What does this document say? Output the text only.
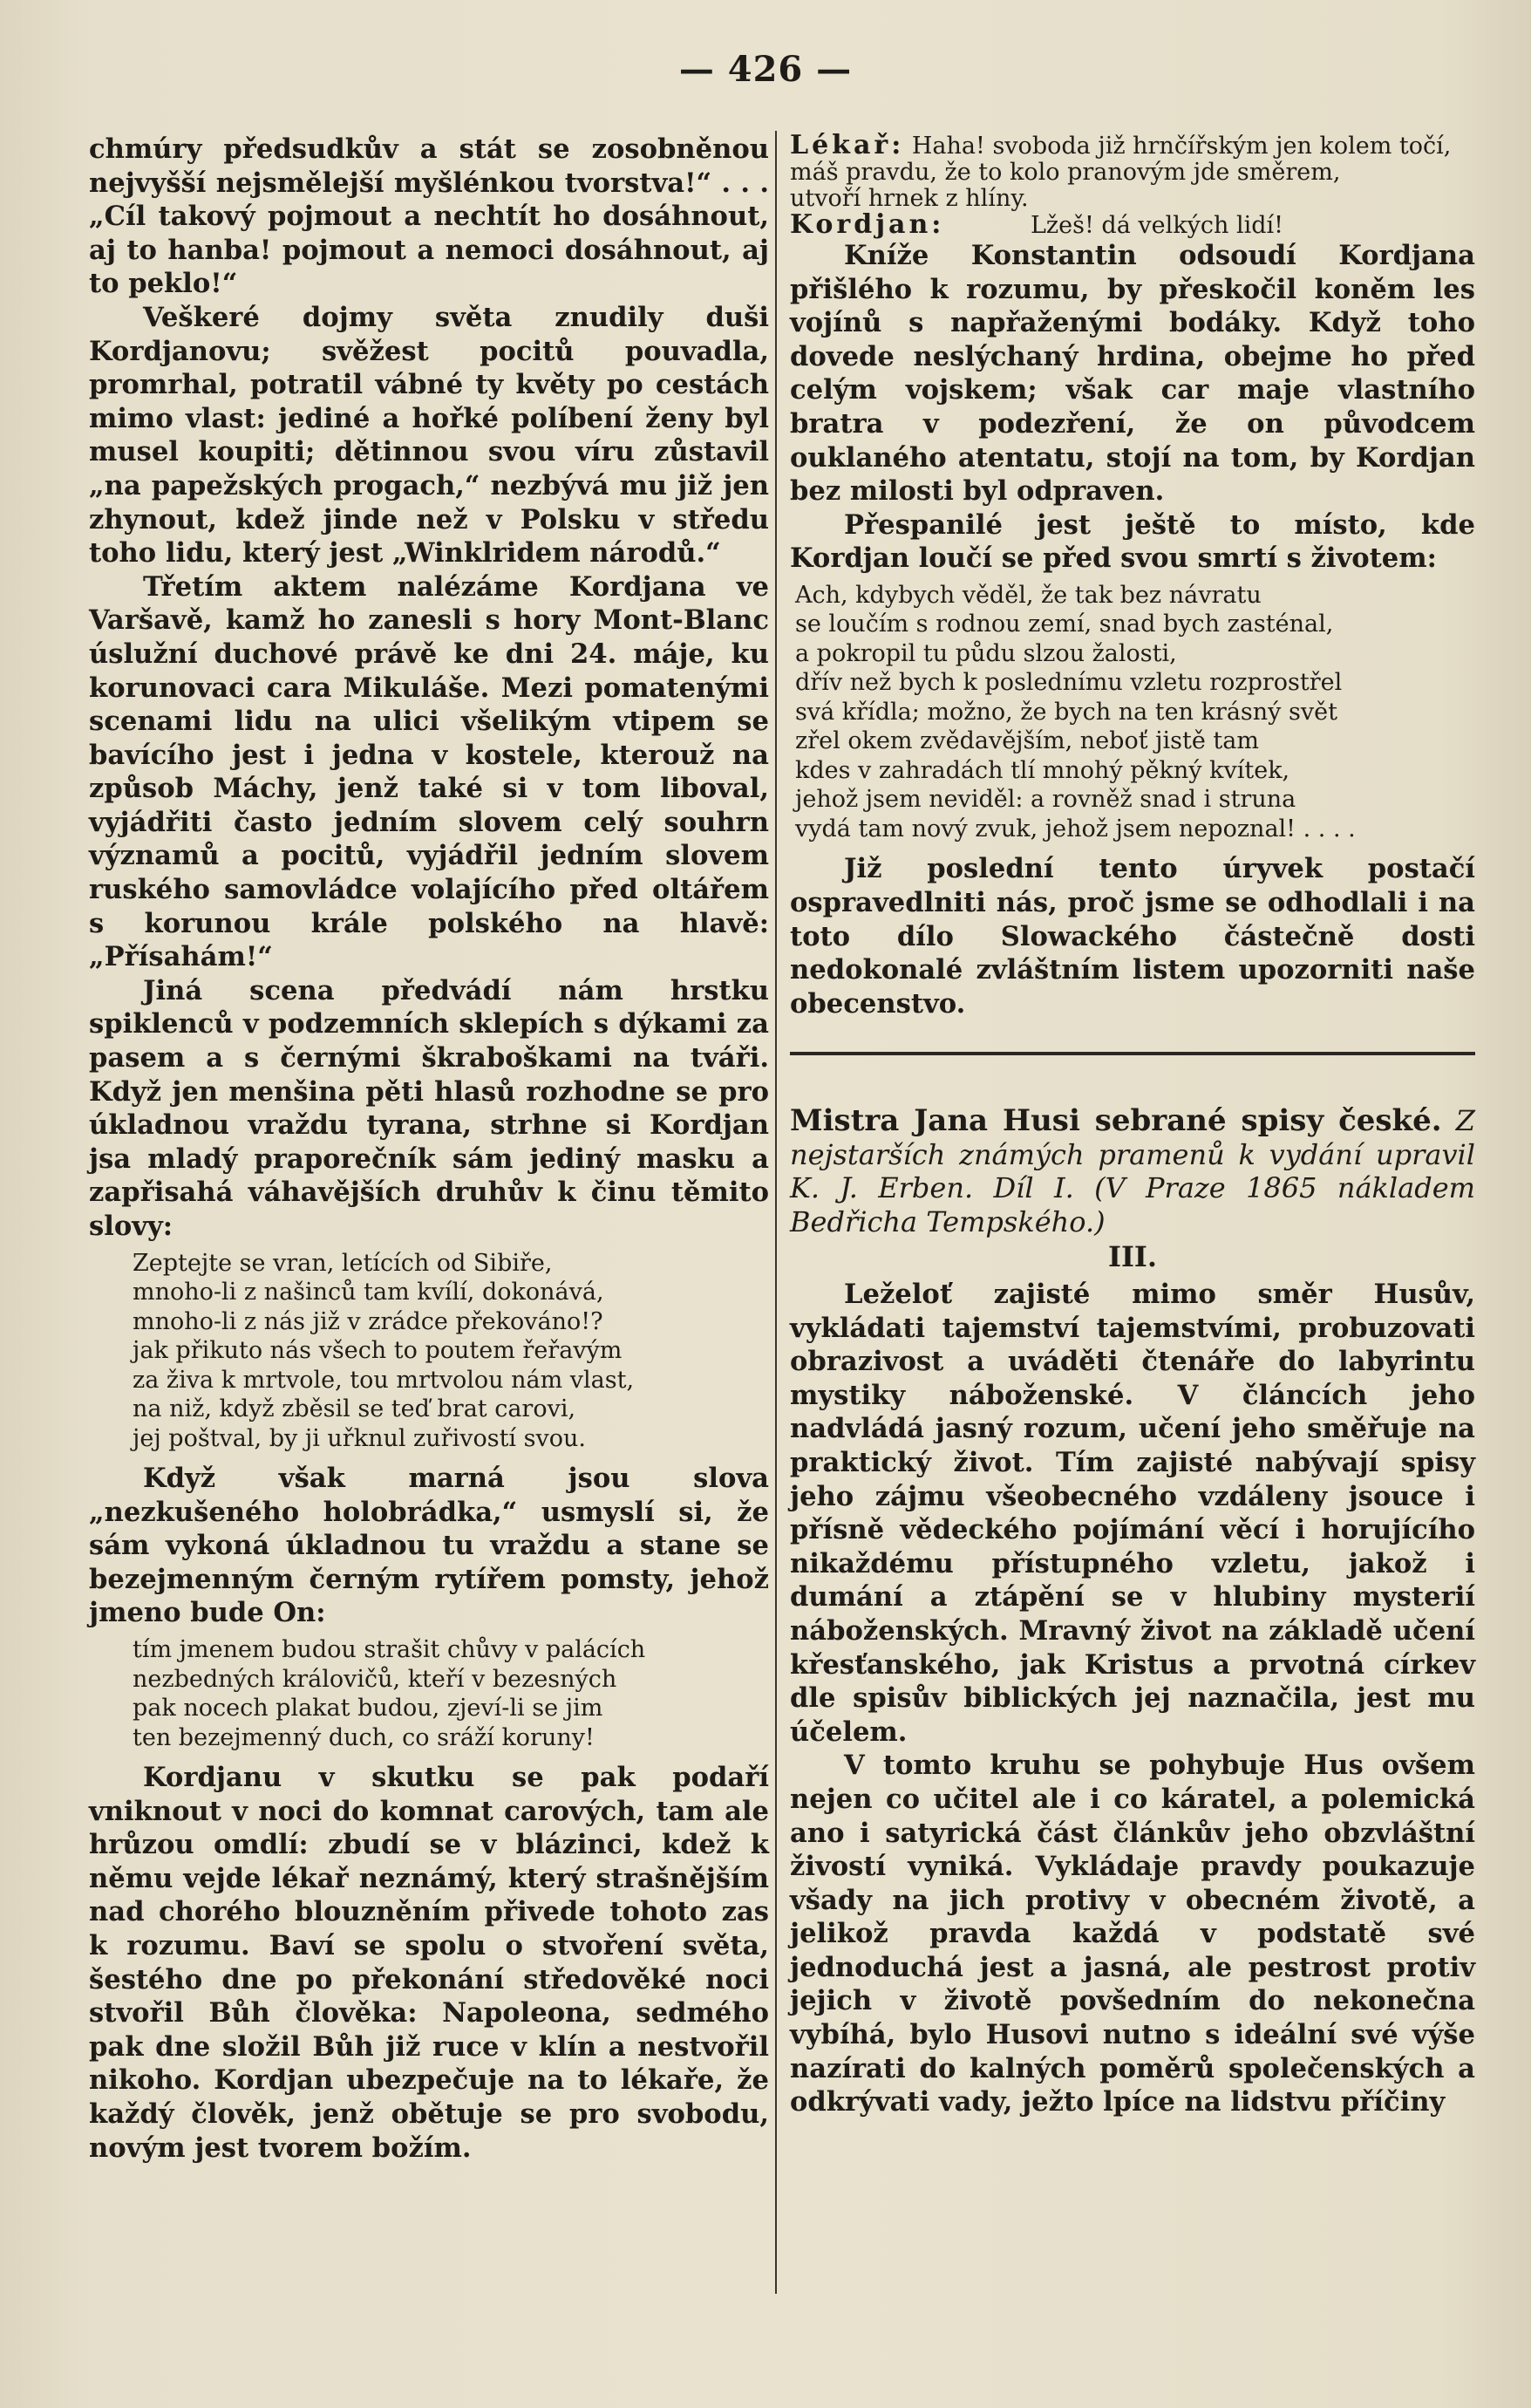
— 426 —

chmúry předsudkův a stát se zosobněnou nejvyšší nejsmělejší myšlénkou tvorstva!“ . . . „Cíl takový pojmout a nechtít ho dosáhnout, aj to hanba! pojmout a nemoci dosáhnout, aj to peklo!“

Veškeré dojmy světa znudily duši Kordjanovu; svěžest pocitů pouvadla, promrhal, potratil vábné ty květy po cestách mimo vlast: jediné a hořké políbení ženy byl musel koupiti; dětinnou svou víru zůstavil „na papežských progach,“ nezbývá mu již jen zhynout, kdež jinde než v Polsku v středu toho lidu, který jest „Winklridem národů.“

Třetím aktem nalézáme Kordjana ve Varšavě, kamž ho zanesli s hory Mont-Blanc úslužní duchové právě ke dni 24. máje, ku korunovaci cara Mikuláše. Mezi pomatenými scenami lidu na ulici všelikým vtipem se bavícího jest i jedna v kostele, kterouž na způsob Máchy, jenž také si v tom liboval, vyjádřiti často jedním slovem celý souhrn významů a pocitů, vyjádřil jedním slovem ruského samovládce volajícího před oltářem s korunou krále polského na hlavě: „Přísahám!“

Jiná scena předvádí nám hrstku spiklenců v podzemních sklepích s dýkami za pasem a s černými škraboškami na tváři. Když jen menšina pěti hlasů rozhodne se pro úkladnou vraždu tyrana, strhne si Kordjan jsa mladý praporečník sám jediný masku a zapřisahá váhavějších druhův k činu těmito slovy:

Zeptejte se vran, letících od Sibiře,
mnoho-li z našinců tam kvílí, dokonává,
mnoho-li z nás již v zrádce překováno!?
jak přikuto nás všech to poutem řeřavým
za živa k mrtvole, tou mrtvolou nám vlast,
na niž, když zběsil se teď brat carovi,
jej poštval, by ji uřknul zuřivostí svou.

Když však marná jsou slova „nezkušeného holobrádka,“ usmyslí si, že sám vykoná úkladnou tu vraždu a stane se bezejmenným černým rytířem pomsty, jehož jmeno bude On:

tím jmenem budou strašit chůvy v palácích
nezbedných královičů, kteří v bezesných
pak nocech plakat budou, zjeví-li se jim
ten bezejmenný duch, co sráží koruny!

Kordjanu v skutku se pak podaří vniknout v noci do komnat carových, tam ale hrůzou omdlí: zbudí se v blázinci, kdež k němu vejde lékař neznámý, který strašnějším nad chorého blouzněním přivede tohoto zas k rozumu. Baví se spolu o stvoření světa, šestého dne po překonání středověké noci stvořil Bůh člověka: Napoleona, sedmého pak dne složil Bůh již ruce v klín a nestvořil nikoho. Kordjan ubezpečuje na to lékaře, že každý člověk, jenž obětuje se pro svobodu, novým jest tvorem božím.

Lékař: Haha! svoboda již hrnčířským jen kolem točí,
máš pravdu, že to kolo pranovým jde směrem,
utvoří hrnek z hlíny.
Kordjan:	Lžeš! dá velkých lidí!

Kníže Konstantin odsoudí Kordjana přišlého k rozumu, by přeskočil koněm les vojínů s napřaženými bodáky. Když toho dovede neslýchaný hrdina, obejme ho před celým vojskem; však car maje vlastního bratra v podezření, že on původcem ouklaného atentatu, stojí na tom, by Kordjan bez milosti byl odpraven.

Přespanilé jest ještě to místo, kde Kordjan loučí se před svou smrtí s životem:

Ach, kdybych věděl, že tak bez návratu
se loučím s rodnou zemí, snad bych zasténal,
a pokropil tu půdu slzou žalosti,
dřív než bych k poslednímu vzletu rozprostřel
svá křídla; možno, že bych na ten krásný svět
zřel okem zvědavějším, neboť jistě tam
kdes v zahradách tlí mnohý pěkný kvítek,
jehož jsem neviděl: a rovněž snad i struna
vydá tam nový zvuk, jehož jsem nepoznal! . . . .

Již poslední tento úryvek postačí ospravedlniti nás, proč jsme se odhodlali i na toto dílo Slowackého částečně dosti nedokonalé zvláštním listem upozorniti naše obecenstvo.

Mistra Jana Husi sebrané spisy české. Z nejstarších známých pramenů k vydání upravil K. J. Erben. Díl I. (V Praze 1865 nákladem Bedřicha Tempského.)

III.

Leželoť zajisté mimo směr Husův, vykládati tajemství tajemstvími, probuzovati obrazivost a uváděti čtenáře do labyrintu mystiky náboženské. V článcích jeho nadvládá jasný rozum, učení jeho směřuje na praktický život. Tím zajisté nabývají spisy jeho zájmu všeobecného vzdáleny jsouce i přísně vědeckého pojímání věcí i horujícího nikaždému přístupného vzletu, jakož i dumání a ztápění se v hlubiny mysterií náboženských. Mravný život na základě učení křesťanského, jak Kristus a prvotná církev dle spisův biblických jej naznačila, jest mu účelem.

V tomto kruhu se pohybuje Hus ovšem nejen co učitel ale i co káratel, a polemická ano i satyrická část článkův jeho obzvláštní živostí vyniká. Vykládaje pravdy poukazuje všady na jich protivy v obecném životě, a jelikož pravda každá v podstatě své jednoduchá jest a jasná, ale pestrost protiv jejich v životě povšedním do nekonečna vybíhá, bylo Husovi nutno s ideální své výše nazírati do kalných poměrů společenských a odkrývati vady, ježto lpíce na lidstvu příčiny
